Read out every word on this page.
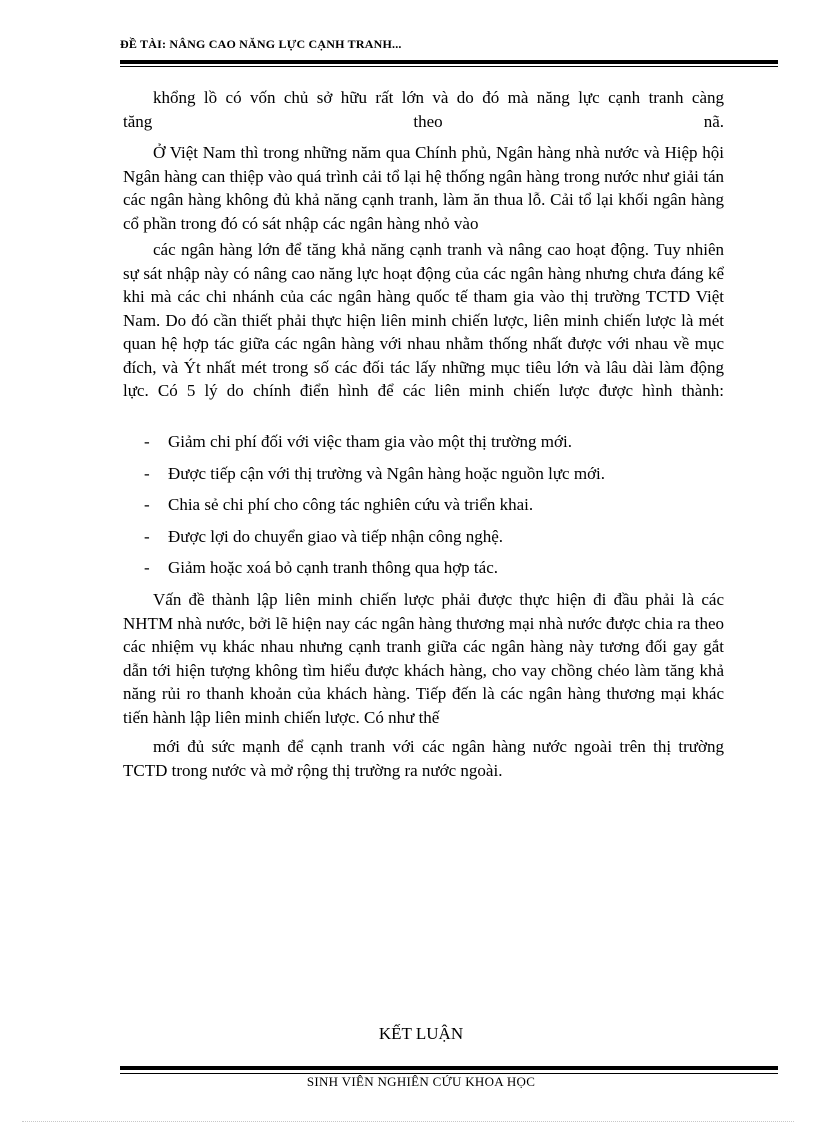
ĐỀ TÀI: NÂNG CAO NĂNG LỰC CẠNH TRANH...
khổng lồ có vốn chủ sở hữu rất lớn và do đó mà năng lực cạnh tranh càng
tăng theo nã.
Ở Việt Nam thì trong những năm qua Chính phủ, Ngân hàng nhà nước và Hiệp hội Ngân hàng can thiệp vào quá trình cải tổ lại hệ thống ngân hàng trong nước như giải tán các ngân hàng không đủ khả năng cạnh tranh, làm ăn thua lỗ. Cải tổ lại khối ngân hàng cổ phần trong đó có sát nhập các ngân hàng nhỏ vào
các ngân hàng lớn để tăng khả năng cạnh tranh và nâng cao hoạt động. Tuy nhiên sự sát nhập này có nâng cao năng lực hoạt động của các ngân hàng nhưng chưa đáng kể khi mà các chi nhánh của các ngân hàng quốc tế tham gia vào thị trường TCTD Việt Nam. Do đó cần thiết phải thực hiện liên minh chiến lược, liên minh chiến lược là mét quan hệ hợp tác giữa các ngân hàng với nhau nhằm thống nhất được với nhau về mục đích, và Ýt nhất mét trong số các đối tác lấy những mục tiêu lớn và lâu dài làm động lực. Có 5 lý do chính điển hình để các liên minh chiến lược được hình thành:
- Giảm chi phí đối với việc tham gia vào một thị trường mới.
- Được tiếp cận với thị trường và Ngân hàng hoặc nguồn lực mới.
- Chia sẻ chi phí cho công tác nghiên cứu và triển khai.
- Được lợi do chuyển giao và tiếp nhận công nghệ.
- Giảm hoặc xoá bỏ cạnh tranh thông qua hợp tác.
Vấn đề thành lập liên minh chiến lược phải được thực hiện đi đầu phải là các NHTM nhà nước, bởi lẽ hiện nay các ngân hàng thương mại nhà nước được chia ra theo các nhiệm vụ khác nhau nhưng cạnh tranh giữa các ngân hàng này tương đối gay gắt dẫn tới hiện tượng không tìm hiểu được khách hàng, cho vay chồng chéo làm tăng khả năng rủi ro thanh khoản của khách hàng. Tiếp đến là các ngân hàng thương mại khác tiến hành lập liên minh chiến lược. Có như thế
mới đủ sức mạnh để cạnh tranh với các ngân hàng nước ngoài trên thị trường TCTD trong nước và mở rộng thị trường ra nước ngoài.
KẾT LUẬN
SINH VIÊN NGHIÊN CỨU KHOA HỌC
